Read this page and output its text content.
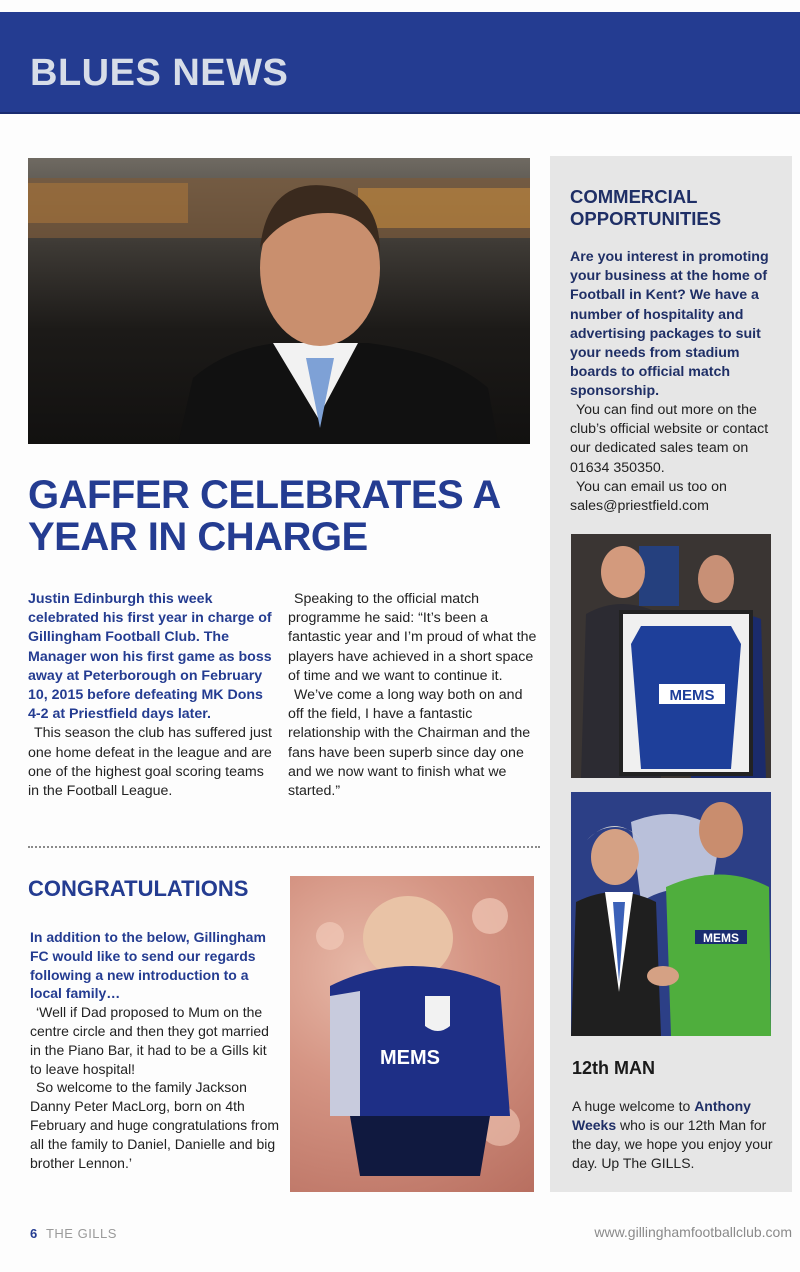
BLUES NEWS
GAFFER CELEBRATES A YEAR IN CHARGE

Justin Edinburgh this week celebrated his first year in charge of Gillingham Football Club. The Manager won his first game as boss away at Peterborough on February 10, 2015 before defeating MK Dons 4-2 at Priestfield days later.

This season the club has suffered just one home defeat in the league and are one of the highest goal scoring teams in the Football League.

Speaking to the official match programme he said: “It’s been a fantastic year and I’m proud of what the players have achieved in a short space of time and we want to continue it.

We’ve come a long way both on and off the field, I have a fantastic relationship with the Chairman and the fans have been superb since day one and we now want to finish what we started.”

CONGRATULATIONS

In addition to the below, Gillingham FC would like to send our regards following a new introduction to a local family…

‘Well if Dad proposed to Mum on the centre circle and then they got married in the Piano Bar, it had to be a Gills kit to leave hospital!

So welcome to the family Jackson Danny Peter MacLorg, born on 4th February and huge congratulations from all the family to Daniel, Danielle and big brother Lennon.’

MEMS
COMMERCIAL OPPORTUNITIES
Are you interest in promoting your business at the home of Football in Kent? We have a number of hospitality and advertising packages to suit your needs from stadium boards to official match sponsorship.

You can find out more on the club’s official website or contact our dedicated sales team on 01634 350350.

You can email us too on sales@priestfield.com

MEMS
MEMS
12th MAN
A huge welcome to Anthony Weeks who is our 12th Man for the day, we hope you enjoy your day. Up The GILLS.
6 THE GILLS	www.gillinghamfootballclub.com
